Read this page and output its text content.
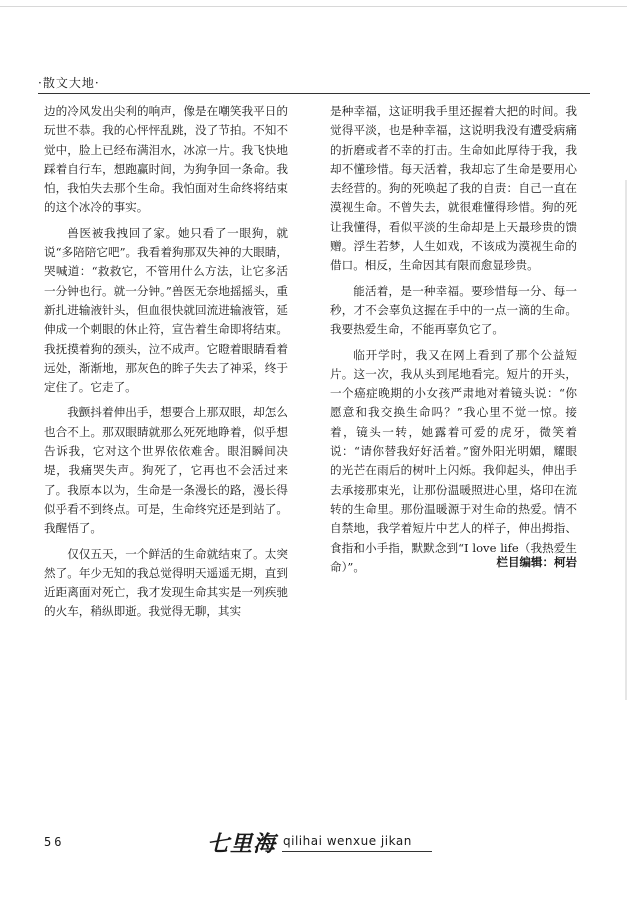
·散文大地·

边的冷风发出尖利的响声，像是在嘲笑我平日的玩世不恭。我的心怦怦乱跳，没了节拍。不知不觉中，脸上已经布满泪水，冰凉一片。我飞快地踩着自行车，想跑赢时间，为狗争回一条命。我怕，我怕失去那个生命。我怕面对生命终将结束的这个冰冷的事实。

兽医被我拽回了家。她只看了一眼狗，就说“多陪陪它吧”。我看着狗那双失神的大眼睛，哭喊道：“救救它，不管用什么方法，让它多活一分钟也行。就一分钟。”兽医无奈地摇摇头，重新扎进输液针头，但血很快就回流进输液管，延伸成一个刺眼的休止符，宣告着生命即将结束。我抚摸着狗的颈头，泣不成声。它瞪着眼睛看着远处，渐渐地，那灰色的眸子失去了神采，终于定住了。它走了。

我颤抖着伸出手，想要合上那双眼，却怎么也合不上。那双眼睛就那么死死地睁着，似乎想告诉我，它对这个世界依依难舍。眼泪瞬间决堤，我痛哭失声。狗死了，它再也不会活过来了。我原本以为，生命是一条漫长的路，漫长得似乎看不到终点。可是，生命终究还是到站了。我醒悟了。

仅仅五天，一个鲜活的生命就结束了。太突然了。年少无知的我总觉得明天遥遥无期，直到近距离面对死亡，我才发现生命其实是一列疾驰的火车，稍纵即逝。我觉得无聊，其实

是种幸福，这证明我手里还握着大把的时间。我觉得平淡，也是种幸福，这说明我没有遭受病痛的折磨或者不幸的打击。生命如此厚待于我，我却不懂珍惜。每天活着，我却忘了生命是要用心去经营的。狗的死唤起了我的自责：自己一直在漠视生命。不曾失去，就很难懂得珍惜。狗的死让我懂得，看似平淡的生命却是上天最珍贵的馈赠。浮生若梦，人生如戏，不该成为漠视生命的借口。相反，生命因其有限而愈显珍贵。

能活着，是一种幸福。要珍惜每一分、每一秒，才不会辜负这握在手中的一点一滴的生命。我要热爱生命，不能再辜负它了。

临开学时，我又在网上看到了那个公益短片。这一次，我从头到尾地看完。短片的开头，一个癌症晚期的小女孩严肃地对着镜头说：“你愿意和我交换生命吗？”我心里不觉一惊。接着，镜头一转，她露着可爱的虎牙，微笑着说：“请你替我好好活着。”窗外阳光明媚，耀眼的光芒在雨后的树叶上闪烁。我仰起头，伸出手去承接那束光，让那份温暖照进心里，烙印在流转的生命里。那份温暖源于对生命的热爱。情不自禁地，我学着短片中艺人的样子，伸出拇指、食指和小手指，默默念到“I love life（我热爱生命）”。	栏目编辑：柯岩
56	七里海 qilihai wenxue jikan
